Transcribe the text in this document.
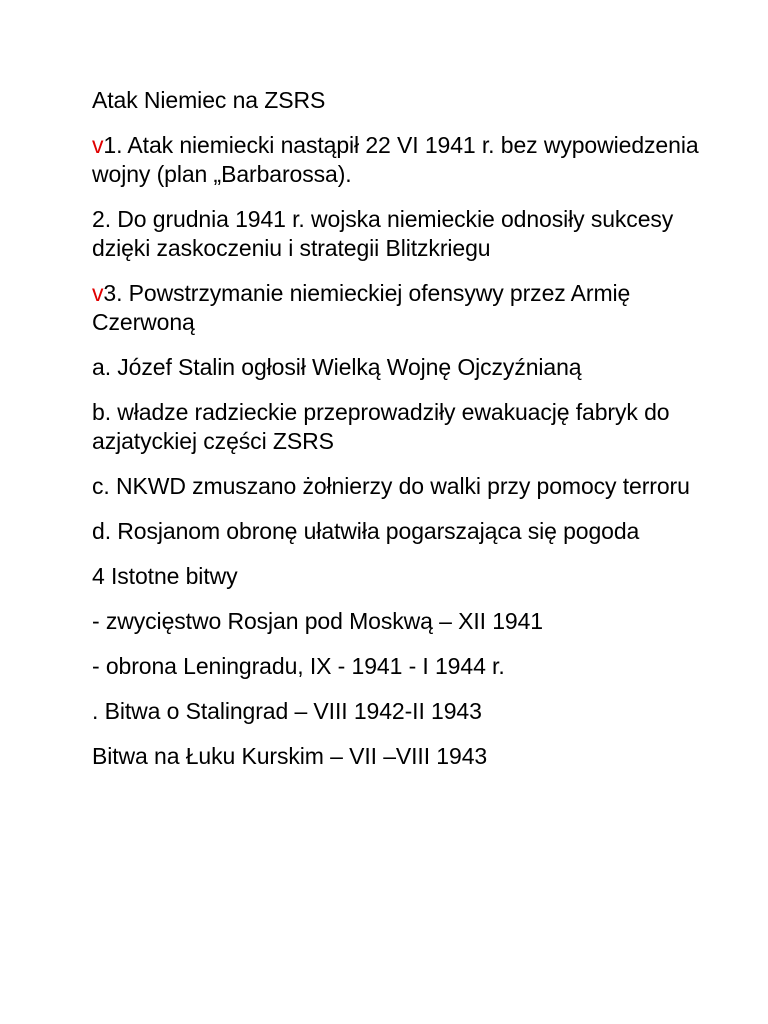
Atak Niemiec na ZSRS

v1. Atak niemiecki nastąpił 22 VI 1941 r. bez wypowiedzenia wojny (plan „Barbarossa).

2. Do grudnia 1941 r. wojska niemieckie odnosiły sukcesy dzięki zaskoczeniu i strategii Blitzkriegu

v3. Powstrzymanie niemieckiej ofensywy przez Armię Czerwoną

a. Józef Stalin ogłosił Wielką Wojnę Ojczyźnianą

b. władze radzieckie przeprowadziły ewakuację fabryk do azjatyckiej części ZSRS

c. NKWD zmuszano żołnierzy do walki przy pomocy terroru

d. Rosjanom obronę ułatwiła pogarszająca się pogoda

4 Istotne bitwy

- zwycięstwo Rosjan pod Moskwą – XII 1941

- obrona Leningradu, IX - 1941 - I 1944 r.

. Bitwa o Stalingrad – VIII 1942-II 1943

Bitwa na Łuku Kurskim – VII –VIII 1943
